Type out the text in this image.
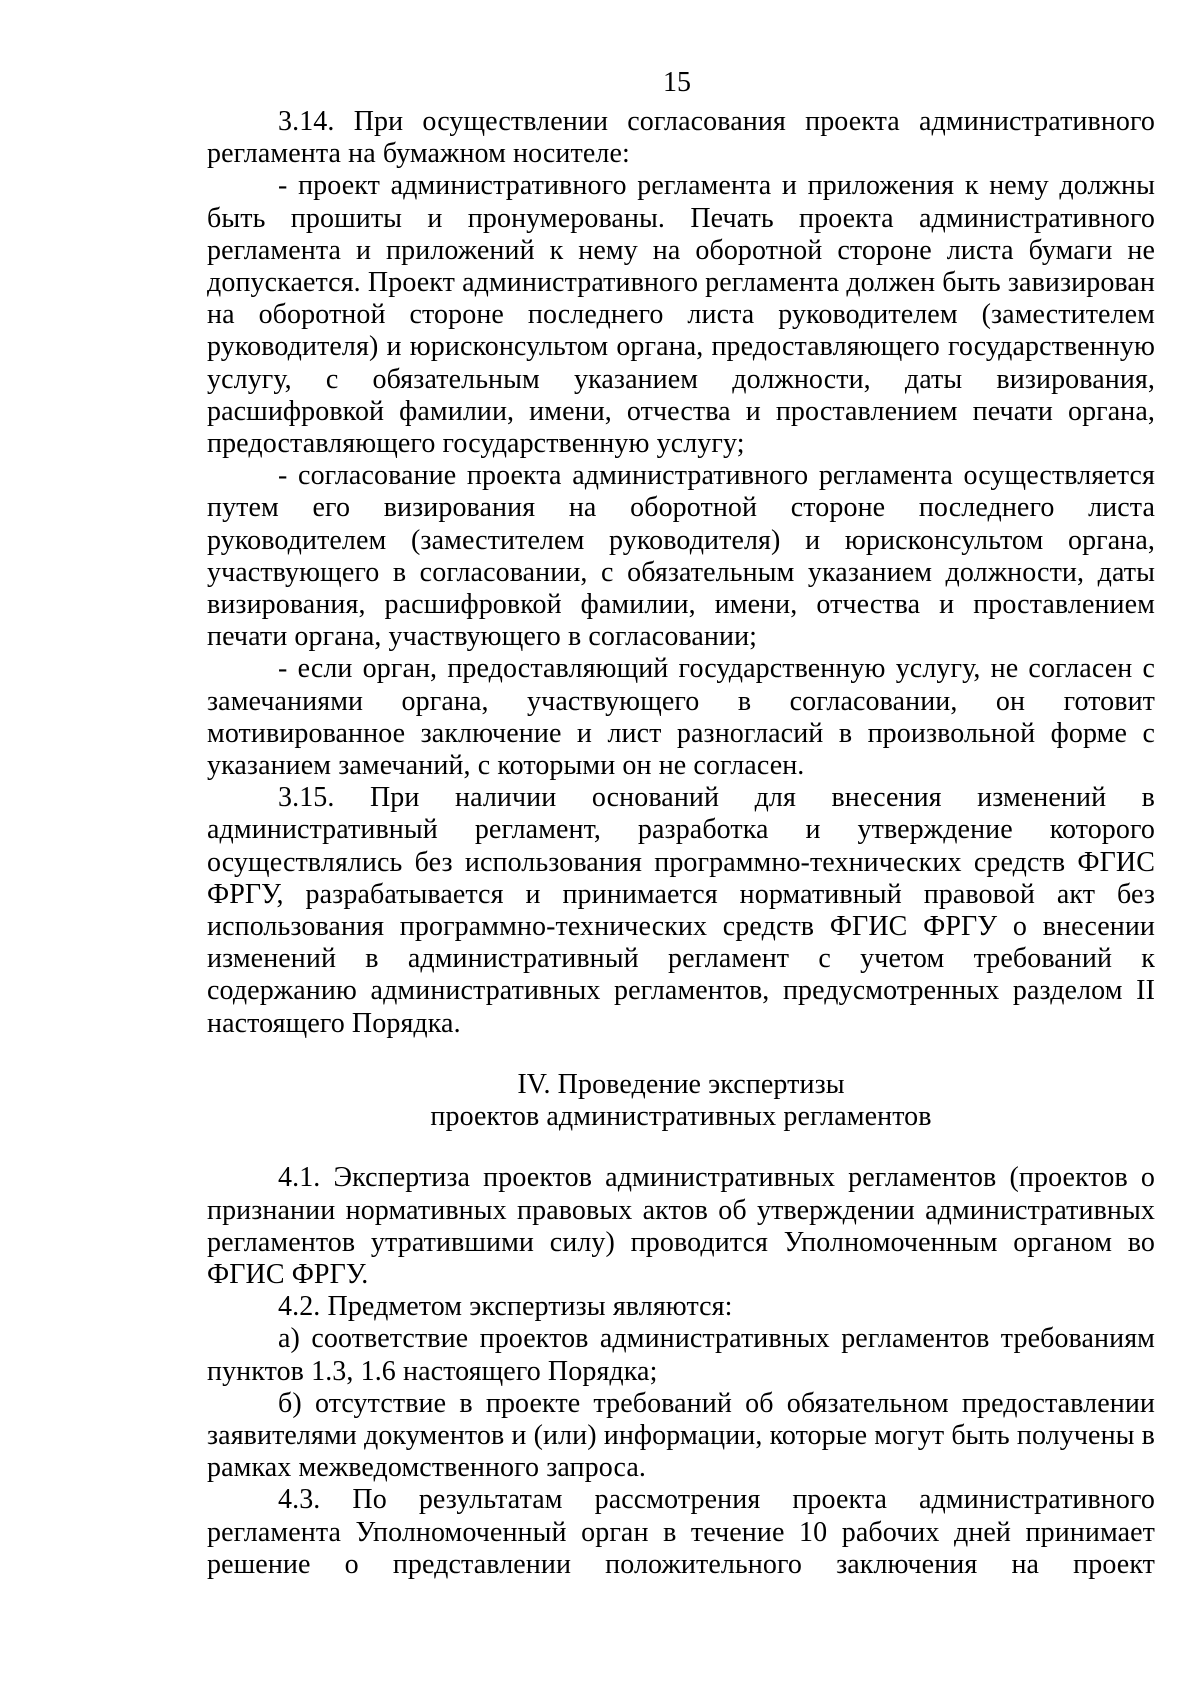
15

3.14. При осуществлении согласования проекта административного регламента на бумажном носителе:

- проект административного регламента и приложения к нему должны быть прошиты и пронумерованы. Печать проекта административного регламента и приложений к нему на оборотной стороне листа бумаги не допускается. Проект административного регламента должен быть завизирован на оборотной стороне последнего листа руководителем (заместителем руководителя) и юрисконсультом органа, предоставляющего государственную услугу, с обязательным указанием должности, даты визирования, расшифровкой фамилии, имени, отчества и проставлением печати органа, предоставляющего государственную услугу;

- согласование проекта административного регламента осуществляется путем его визирования на оборотной стороне последнего листа руководителем (заместителем руководителя) и юрисконсультом органа, участвующего в согласовании, с обязательным указанием должности, даты визирования, расшифровкой фамилии, имени, отчества и проставлением печати органа, участвующего в согласовании;

- если орган, предоставляющий государственную услугу, не согласен с замечаниями органа, участвующего в согласовании, он готовит мотивированное заключение и лист разногласий в произвольной форме с указанием замечаний, с которыми он не согласен.

3.15. При наличии оснований для внесения изменений в административный регламент, разработка и утверждение которого осуществлялись без использования программно-технических средств ФГИС ФРГУ, разрабатывается и принимается нормативный правовой акт без использования программно-технических средств ФГИС ФРГУ о внесении изменений в административный регламент с учетом требований к содержанию административных регламентов, предусмотренных разделом II настоящего Порядка.

IV. Проведение экспертизы
проектов административных регламентов

4.1. Экспертиза проектов административных регламентов (проектов о признании нормативных правовых актов об утверждении административных регламентов утратившими силу) проводится Уполномоченным органом во ФГИС ФРГУ.

4.2. Предметом экспертизы являются:

а) соответствие проектов административных регламентов требованиям пунктов 1.3, 1.6 настоящего Порядка;

б) отсутствие в проекте требований об обязательном предоставлении заявителями документов и (или) информации, которые могут быть получены в рамках межведомственного запроса.

4.3. По результатам рассмотрения проекта административного регламента Уполномоченный орган в течение 10 рабочих дней принимает решение о представлении положительного заключения на проект
